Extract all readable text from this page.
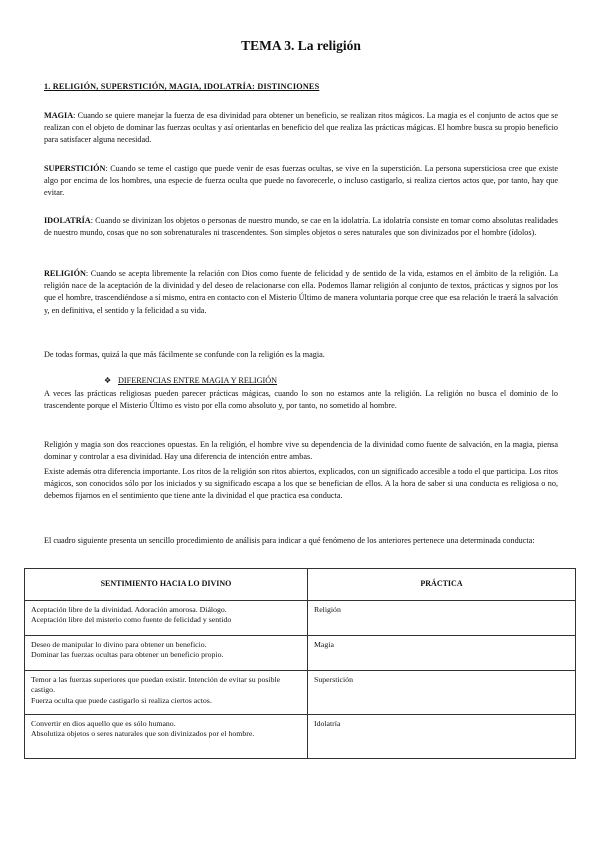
TEMA 3. La religión
1. RELIGIÓN, SUPERSTICIÓN, MAGIA, IDOLATRÍA: DISTINCIONES

MAGIA: Cuando se quiere manejar la fuerza de esa divinidad para obtener un beneficio, se realizan ritos mágicos. La magia es el conjunto de actos que se realizan con el objeto de dominar las fuerzas ocultas y así orientarlas en beneficio del que realiza las prácticas mágicas. El hombre busca su propio beneficio para satisfacer alguna necesidad.

SUPERSTICIÓN: Cuando se teme el castigo que puede venir de esas fuerzas ocultas, se vive en la superstición. La persona supersticiosa cree que existe algo por encima de los hombres, una especie de fuerza oculta que puede no favorecerle, o incluso castigarlo, si realiza ciertos actos que, por tanto, hay que evitar.

IDOLATRÍA: Cuando se divinizan los objetos o personas de nuestro mundo, se cae en la idolatría. La idolatría consiste en tomar como absolutas realidades de nuestro mundo, cosas que no son sobrenaturales ni trascendentes. Son simples objetos o seres naturales que son divinizados por el hombre (ídolos).

RELIGIÓN: Cuando se acepta libremente la relación con Dios como fuente de felicidad y de sentido de la vida, estamos en el ámbito de la religión. La religión nace de la aceptación de la divinidad y del deseo de relacionarse con ella. Podemos llamar religión al conjunto de textos, prácticas y signos por los que el hombre, trascendiéndose a sí mismo, entra en contacto con el Misterio Último de manera voluntaria porque cree que esa relación le traerá la salvación y, en definitiva, el sentido y la felicidad a su vida.

De todas formas, quizá la que más fácilmente se confunde con la religión es la magia.

❖ DIFERENCIAS ENTRE MAGIA Y RELIGIÓN

A veces las prácticas religiosas pueden parecer prácticas mágicas, cuando lo son no estamos ante la religión. La religión no busca el dominio de lo trascendente porque el Misterio Último es visto por ella como absoluto y, por tanto, no sometido al hombre.

Religión y magia son dos reacciones opuestas. En la religión, el hombre vive su dependencia de la divinidad como fuente de salvación, en la magia, piensa dominar y controlar a esa divinidad. Hay una diferencia de intención entre ambas.

Existe además otra diferencia importante. Los ritos de la religión son ritos abiertos, explicados, con un significado accesible a todo el que participa. Los ritos mágicos, son conocidos sólo por los iniciados y su significado escapa a los que se benefician de ellos. A la hora de saber si una conducta es religiosa o no, debemos fijarnos en el sentimiento que tiene ante la divinidad el que practica esa conducta.

El cuadro siguiente presenta un sencillo procedimiento de análisis para indicar a qué fenómeno de los anteriores pertenece una determinada conducta:

SENTIMIENTO HACIA LO DIVINO	PRÁCTICA
Aceptación libre de la divinidad. Adoración amorosa. Diálogo.
Aceptación libre del misterio como fuente de felicidad y sentido	Religión
Deseo de manipular lo divino para obtener un beneficio.
Dominar las fuerzas ocultas para obtener un beneficio propio.	Magia
Temor a las fuerzas superiores que puedan existir. Intención de evitar su posible castigo.
Fuerza oculta que puede castigarlo si realiza ciertos actos.	Superstición
Convertir en dios aquello que es sólo humano.
Absolutiza objetos o seres naturales que son divinizados por el hombre.	Idolatría
